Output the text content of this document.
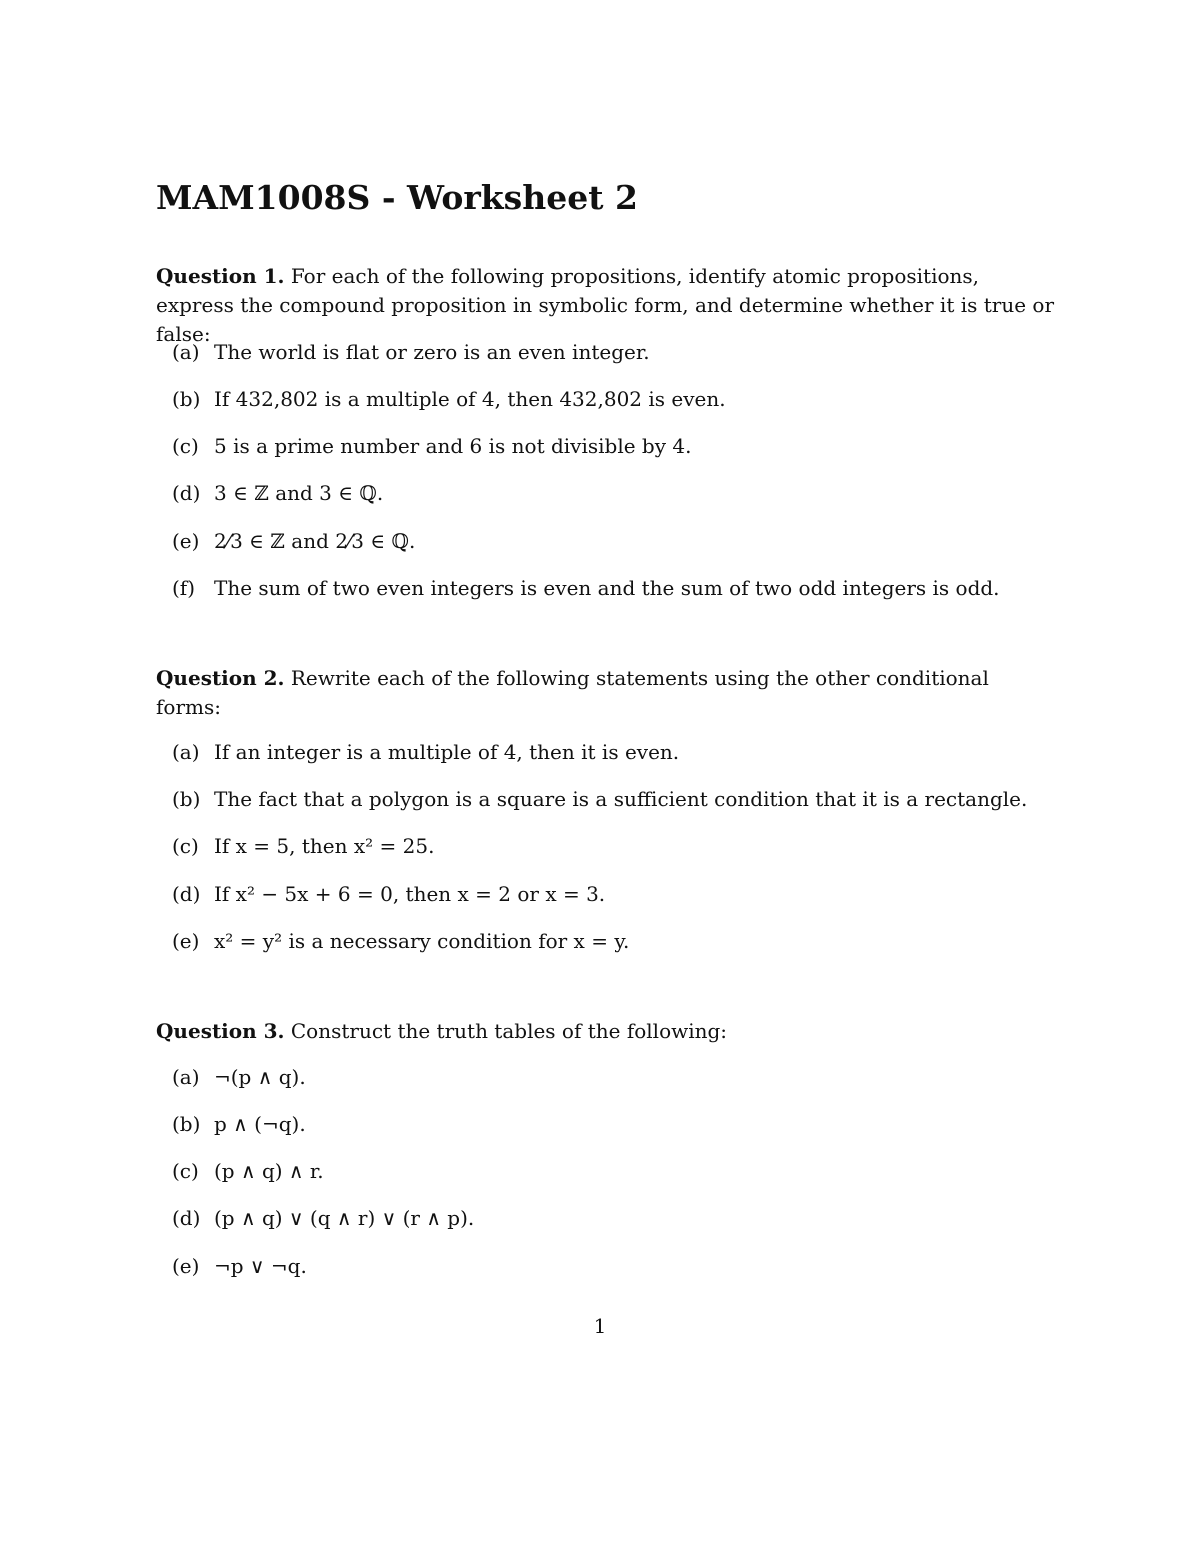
MAM1008S - Worksheet 2
Question 1. For each of the following propositions, identify atomic propositions, express the compound proposition in symbolic form, and determine whether it is true or false:
(a) The world is flat or zero is an even integer.
(b) If 432,802 is a multiple of 4, then 432,802 is even.
(c) 5 is a prime number and 6 is not divisible by 4.
(d) 3 ∈ ℤ and 3 ∈ ℚ.
(e) 2⁄3 ∈ ℤ and 2⁄3 ∈ ℚ.
(f) The sum of two even integers is even and the sum of two odd integers is odd.
Question 2. Rewrite each of the following statements using the other conditional forms:
(a) If an integer is a multiple of 4, then it is even.
(b) The fact that a polygon is a square is a sufficient condition that it is a rectangle.
(c) If x = 5, then x² = 25.
(d) If x² − 5x + 6 = 0, then x = 2 or x = 3.
(e) x² = y² is a necessary condition for x = y.
Question 3. Construct the truth tables of the following:
(a) ¬(p ∧ q).
(b) p ∧ (¬q).
(c) (p ∧ q) ∧ r.
(d) (p ∧ q) ∨ (q ∧ r) ∨ (r ∧ p).
(e) ¬p ∨ ¬q.
1
